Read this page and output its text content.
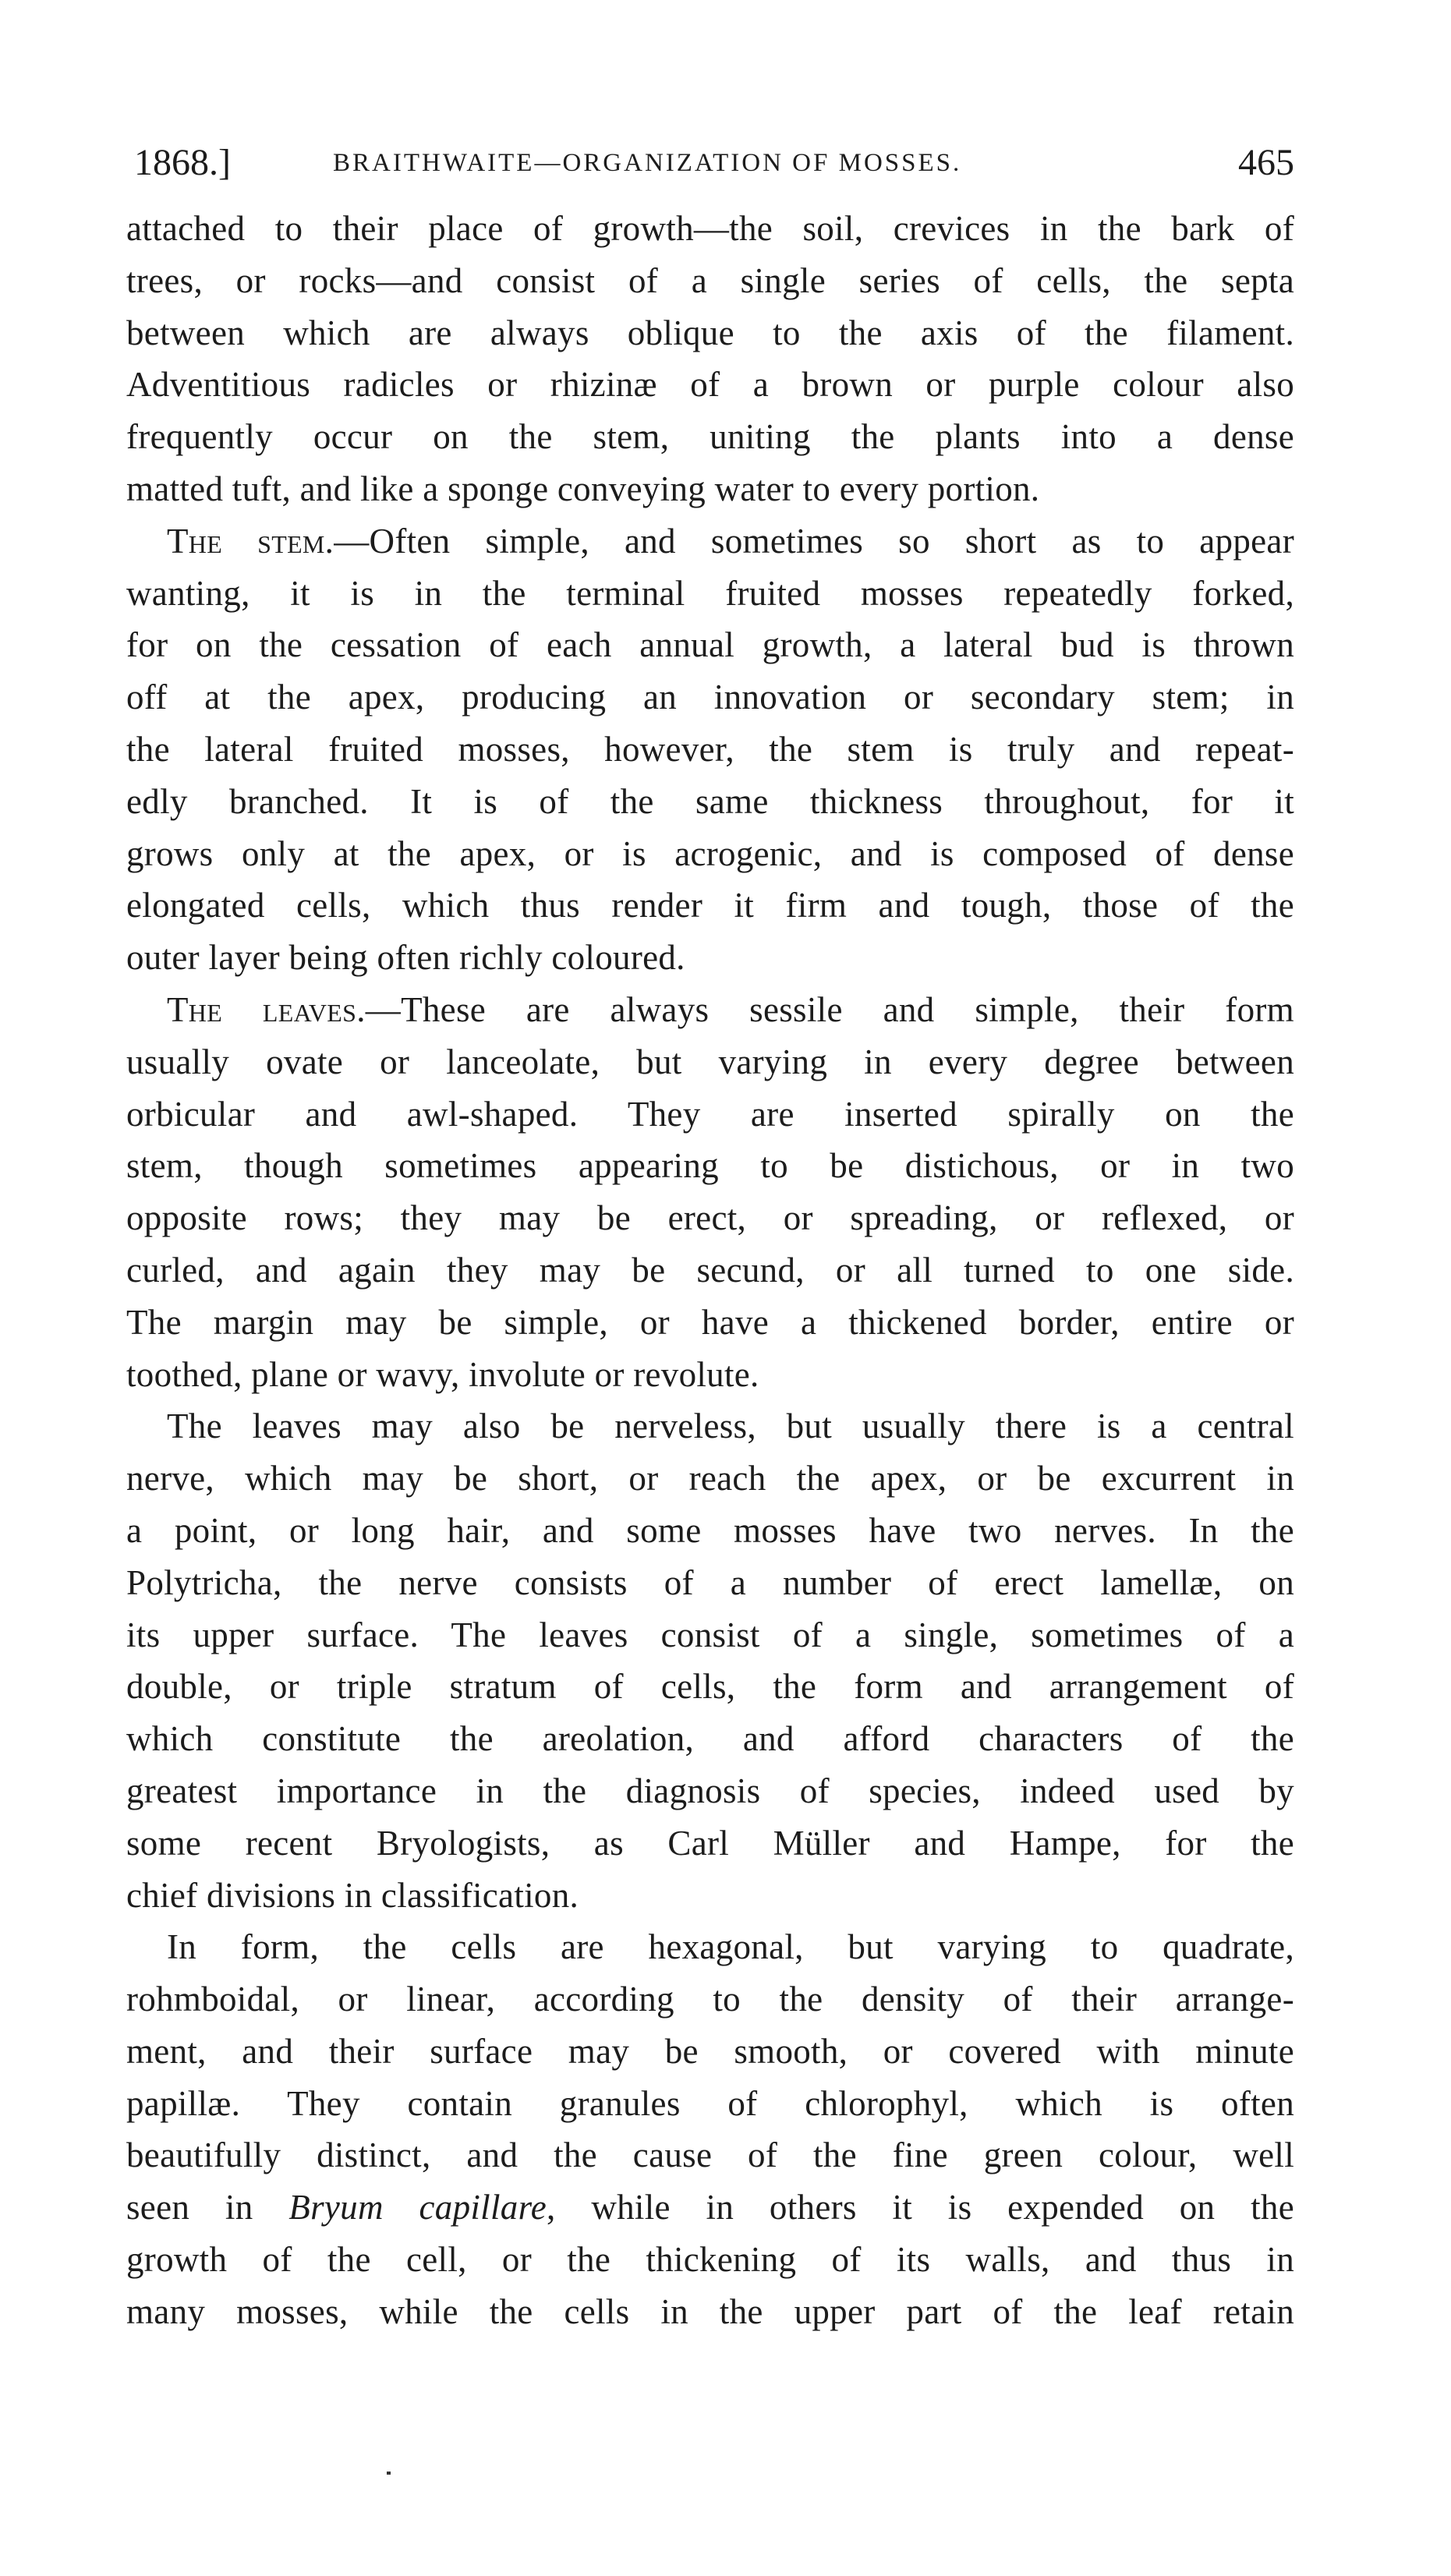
1868.]	BRAITHWAITE—ORGANIZATION OF MOSSES.	465
attached to their place of growth—the soil, crevices in the bark of
trees, or rocks—and consist of a single series of cells, the septa
between which are always oblique to the axis of the filament.
Adventitious radicles or rhizinæ of a brown or purple colour also
frequently occur on the stem, uniting the plants into a dense
matted tuft, and like a sponge conveying water to every portion.
The stem.—Often simple, and sometimes so short as to appear
wanting, it is in the terminal fruited mosses repeatedly forked,
for on the cessation of each annual growth, a lateral bud is thrown
off at the apex, producing an innovation or secondary stem; in
the lateral fruited mosses, however, the stem is truly and repeat-
edly branched. It is of the same thickness throughout, for it
grows only at the apex, or is acrogenic, and is composed of dense
elongated cells, which thus render it firm and tough, those of the
outer layer being often richly coloured.
The leaves.—These are always sessile and simple, their form
usually ovate or lanceolate, but varying in every degree between
orbicular and awl-shaped. They are inserted spirally on the
stem, though sometimes appearing to be distichous, or in two
opposite rows; they may be erect, or spreading, or reflexed, or
curled, and again they may be secund, or all turned to one side.
The margin may be simple, or have a thickened border, entire or
toothed, plane or wavy, involute or revolute.
The leaves may also be nerveless, but usually there is a central
nerve, which may be short, or reach the apex, or be excurrent in
a point, or long hair, and some mosses have two nerves. In the
Polytricha, the nerve consists of a number of erect lamellæ, on
its upper surface. The leaves consist of a single, sometimes of a
double, or triple stratum of cells, the form and arrangement of
which constitute the areolation, and afford characters of the
greatest importance in the diagnosis of species, indeed used by
some recent Bryologists, as Carl Müller and Hampe, for the
chief divisions in classification.
In form, the cells are hexagonal, but varying to quadrate,
rohmboidal, or linear, according to the density of their arrange-
ment, and their surface may be smooth, or covered with minute
papillæ. They contain granules of chlorophyl, which is often
beautifully distinct, and the cause of the fine green colour, well
seen in Bryum capillare, while in others it is expended on the
growth of the cell, or the thickening of its walls, and thus in
many mosses, while the cells in the upper part of the leaf retain
